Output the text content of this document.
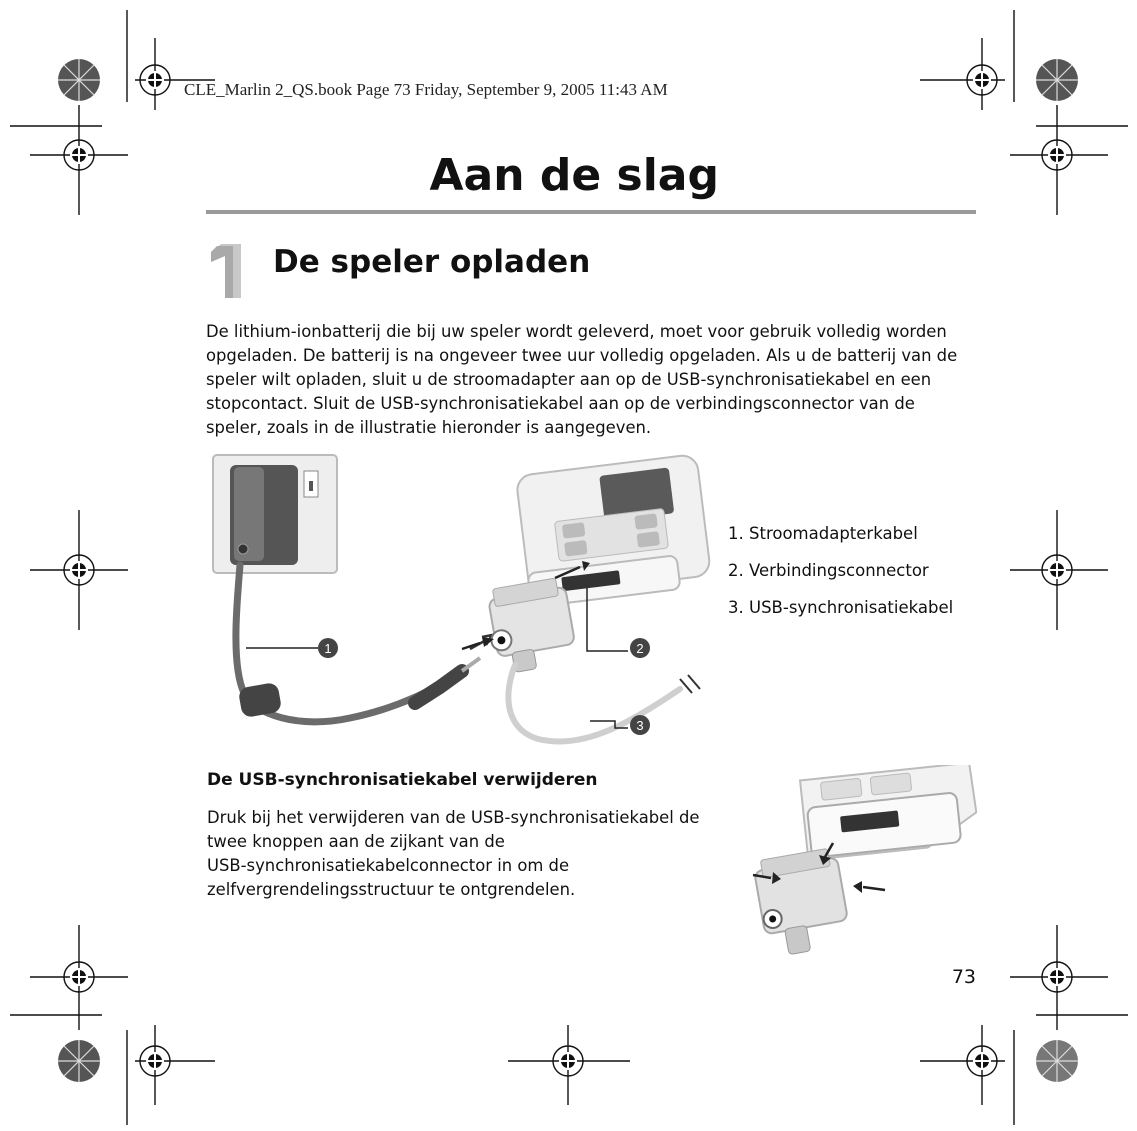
CLE_Marlin 2_QS.book Page 73 Friday, September 9, 2005 11:43 AM
Aan de slag
1
De speler opladen
De lithium-ionbatterij die bij uw speler wordt geleverd, moet voor gebruik volledig worden
opgeladen. De batterij is na ongeveer twee uur volledig opgeladen. Als u de batterij van de
speler wilt opladen, sluit u de stroomadapter aan op de USB-synchronisatiekabel en een
stopcontact. Sluit de USB-synchronisatiekabel aan op de verbindingsconnector van de
speler, zoals in de illustratie hieronder is aangegeven.
1	2
3
1. Stroomadapterkabel
2. Verbindingsconnector
3. USB-synchronisatiekabel
De USB-synchronisatiekabel verwijderen
Druk bij het verwijderen van de USB-synchronisatiekabel de
twee knoppen aan de zijkant van de
USB-synchronisatiekabelconnector in om de
zelfvergrendelingsstructuur te ontgrendelen.
73
